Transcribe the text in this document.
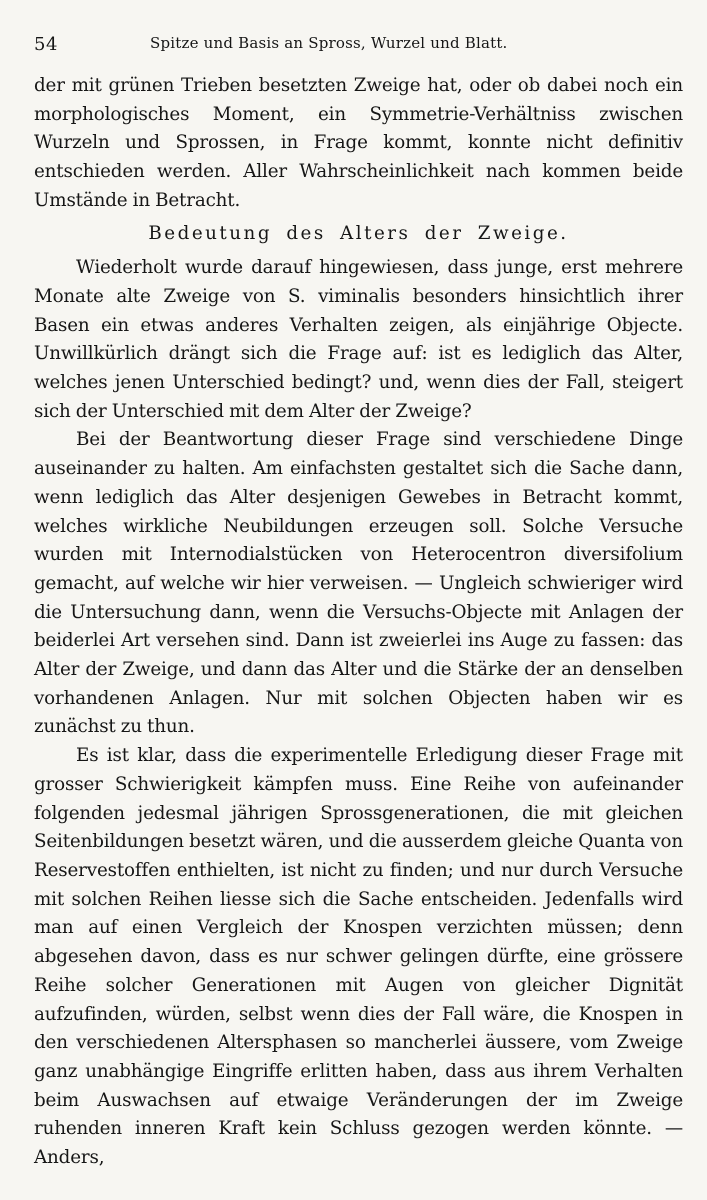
54	Spitze und Basis an Spross, Wurzel und Blatt.

der mit grünen Trieben besetzten Zweige hat, oder ob dabei noch ein morphologisches Moment, ein Symmetrie-Verhältniss zwischen Wurzeln und Sprossen, in Frage kommt, konnte nicht definitiv entschieden werden. Aller Wahrscheinlichkeit nach kommen beide Umstände in Betracht.

Bedeutung des Alters der Zweige.

Wiederholt wurde darauf hingewiesen, dass junge, erst mehrere Monate alte Zweige von S. viminalis besonders hinsichtlich ihrer Basen ein etwas anderes Verhalten zeigen, als einjährige Objecte. Unwillkürlich drängt sich die Frage auf: ist es lediglich das Alter, welches jenen Unterschied bedingt? und, wenn dies der Fall, steigert sich der Unterschied mit dem Alter der Zweige?

Bei der Beantwortung dieser Frage sind verschiedene Dinge auseinander zu halten. Am einfachsten gestaltet sich die Sache dann, wenn lediglich das Alter desjenigen Gewebes in Betracht kommt, welches wirkliche Neubildungen erzeugen soll. Solche Versuche wurden mit Internodialstücken von Heterocentron diversifolium gemacht, auf welche wir hier verweisen. — Ungleich schwieriger wird die Untersuchung dann, wenn die Versuchs-Objecte mit Anlagen der beiderlei Art versehen sind. Dann ist zweierlei ins Auge zu fassen: das Alter der Zweige, und dann das Alter und die Stärke der an denselben vorhandenen Anlagen. Nur mit solchen Objecten haben wir es zunächst zu thun.

Es ist klar, dass die experimentelle Erledigung dieser Frage mit grosser Schwierigkeit kämpfen muss. Eine Reihe von aufeinander folgenden jedesmal jährigen Sprossgenerationen, die mit gleichen Seitenbildungen besetzt wären, und die ausserdem gleiche Quanta von Reservestoffen enthielten, ist nicht zu finden; und nur durch Versuche mit solchen Reihen liesse sich die Sache entscheiden. Jedenfalls wird man auf einen Vergleich der Knospen verzichten müssen; denn abgesehen davon, dass es nur schwer gelingen dürfte, eine grössere Reihe solcher Generationen mit Augen von gleicher Dignität aufzufinden, würden, selbst wenn dies der Fall wäre, die Knospen in den verschiedenen Altersphasen so mancherlei äussere, vom Zweige ganz unabhängige Eingriffe erlitten haben, dass aus ihrem Verhalten beim Auswachsen auf etwaige Veränderungen der im Zweige ruhenden inneren Kraft kein Schluss gezogen werden könnte. — Anders,
